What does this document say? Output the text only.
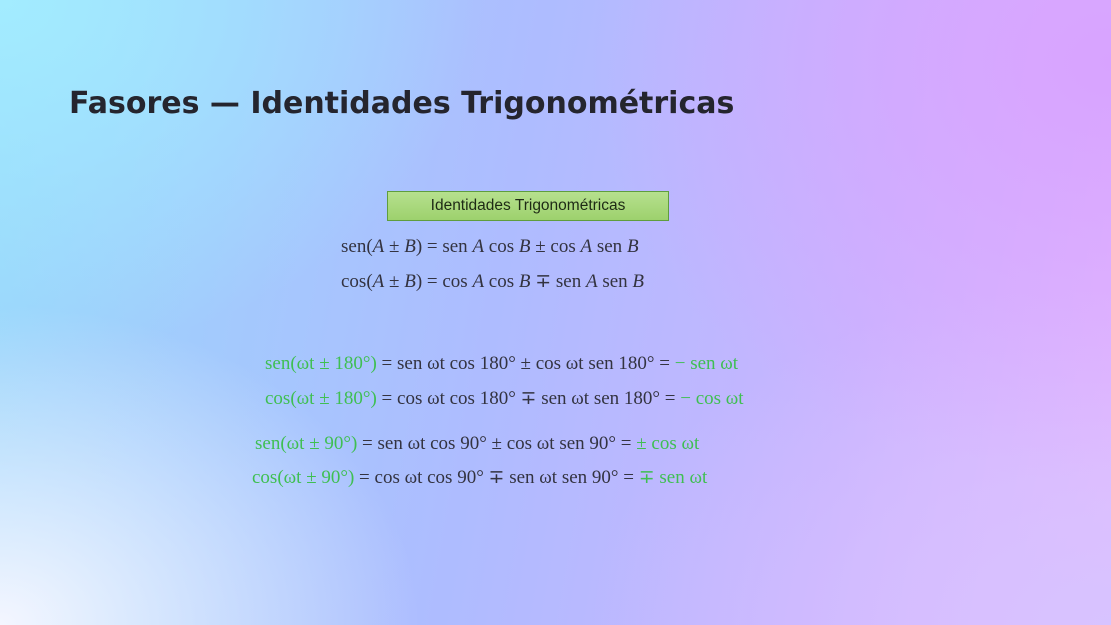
Fasores — Identidades Trigonométricas
Identidades Trigonométricas

sen(A ± B) = sen A cos B ± cos A sen B

cos(A ± B) = cos A cos B ∓ sen A sen B

sen(ωt ± 180°) = sen ωt cos 180° ± cos ωt sen 180° = − sen ωt

cos(ωt ± 180°) = cos ωt cos 180° ∓ sen ωt sen 180° = − cos ωt

sen(ωt ± 90°) = sen ωt cos 90° ± cos ωt sen 90° = ± cos ωt

cos(ωt ± 90°) = cos ωt cos 90° ∓ sen ωt sen 90° = ∓ sen ωt
